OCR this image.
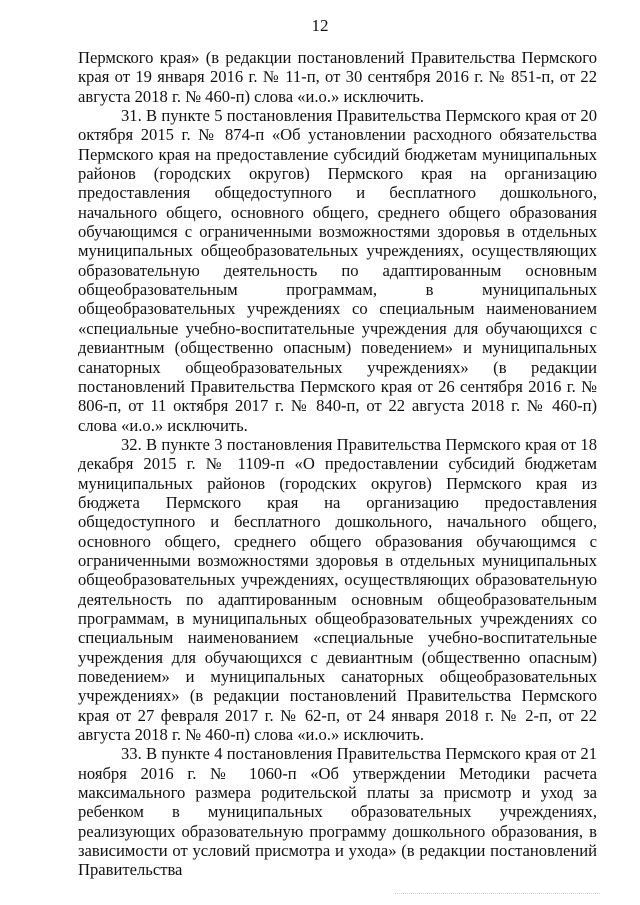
12

Пермского края» (в редакции постановлений Правительства Пермского края от 19 января 2016 г. № 11-п, от 30 сентября 2016 г. № 851-п, от 22 августа 2018 г. № 460-п) слова «и.о.» исключить.

31. В пункте 5 постановления Правительства Пермского края от 20 октября 2015 г. № 874-п «Об установлении расходного обязательства Пермского края на предоставление субсидий бюджетам муниципальных районов (городских округов) Пермского края на организацию предоставления общедоступного и бесплатного дошкольного, начального общего, основного общего, среднего общего образования обучающимся с ограниченными возможностями здоровья в отдельных муниципальных общеобразовательных учреждениях, осуществляющих образовательную деятельность по адаптированным основным общеобразовательным программам, в муниципальных общеобразовательных учреждениях со специальным наименованием «специальные учебно-воспитательные учреждения для обучающихся с девиантным (общественно опасным) поведением» и муниципальных санаторных общеобразовательных учреждениях» (в редакции постановлений Правительства Пермского края от 26 сентября 2016 г. № 806-п, от 11 октября 2017 г. № 840-п, от 22 августа 2018 г. № 460-п) слова «и.о.» исключить.

32. В пункте 3 постановления Правительства Пермского края от 18 декабря 2015 г. № 1109-п «О предоставлении субсидий бюджетам муниципальных районов (городских округов) Пермского края из бюджета Пермского края на организацию предоставления общедоступного и бесплатного дошкольного, начального общего, основного общего, среднего общего образования обучающимся с ограниченными возможностями здоровья в отдельных муниципальных общеобразовательных учреждениях, осуществляющих образовательную деятельность по адаптированным основным общеобразовательным программам, в муниципальных общеобразовательных учреждениях со специальным наименованием «специальные учебно-воспитательные учреждения для обучающихся с девиантным (общественно опасным) поведением» и муниципальных санаторных общеобразовательных учреждениях» (в редакции постановлений Правительства Пермского края от 27 февраля 2017 г. № 62-п, от 24 января 2018 г. № 2-п, от 22 августа 2018 г. № 460-п) слова «и.о.» исключить.

33. В пункте 4 постановления Правительства Пермского края от 21 ноября 2016 г. № 1060-п «Об утверждении Методики расчета максимального размера родительской платы за присмотр и уход за ребенком в муниципальных образовательных учреждениях, реализующих образовательную программу дошкольного образования, в зависимости от условий присмотра и ухода» (в редакции постановлений Правительства
